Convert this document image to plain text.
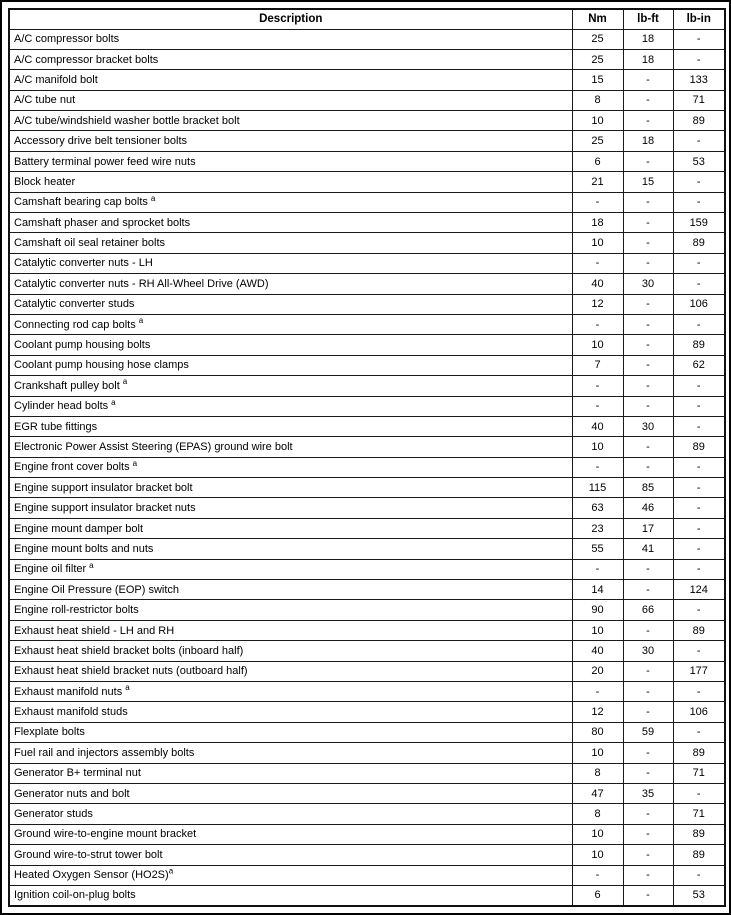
Description	Nm	lb-ft	lb-in
A/C compressor bolts	25	18	-
A/C compressor bracket bolts	25	18	-
A/C manifold bolt	15	-	133
A/C tube nut	8	-	71
A/C tube/windshield washer bottle bracket bolt	10	-	89
Accessory drive belt tensioner bolts	25	18	-
Battery terminal power feed wire nuts	6	-	53
Block heater	21	15	-
Camshaft bearing cap bolts $^a$	-	-	-
Camshaft phaser and sprocket bolts	18	-	159
Camshaft oil seal retainer bolts	10	-	89
Catalytic converter nuts - LH	-	-	-
Catalytic converter nuts - RH All-Wheel Drive (AWD)	40	30	-
Catalytic converter studs	12	-	106
Connecting rod cap bolts $^a$	-	-	-
Coolant pump housing bolts	10	-	89
Coolant pump housing hose clamps	7	-	62
Crankshaft pulley bolt $^a$	-	-	-
Cylinder head bolts $^a$	-	-	-
EGR tube fittings	40	30	-
Electronic Power Assist Steering (EPAS) ground wire bolt	10	-	89
Engine front cover bolts $^a$	-	-	-
Engine support insulator bracket bolt	115	85	-
Engine support insulator bracket nuts	63	46	-
Engine mount damper bolt	23	17	-
Engine mount bolts and nuts	55	41	-
Engine oil filter $^a$	-	-	-
Engine Oil Pressure (EOP) switch	14	-	124
Engine roll-restrictor bolts	90	66	-
Exhaust heat shield - LH and RH	10	-	89
Exhaust heat shield bracket bolts (inboard half)	40	30	-
Exhaust heat shield bracket nuts (outboard half)	20	-	177
Exhaust manifold nuts $^a$	-	-	-
Exhaust manifold studs	12	-	106
Flexplate bolts	80	59	-
Fuel rail and injectors assembly bolts	10	-	89
Generator B+ terminal nut	8	-	71
Generator nuts and bolt	47	35	-
Generator studs	8	-	71
Ground wire-to-engine mount bracket	10	-	89
Ground wire-to-strut tower bolt	10	-	89
Heated Oxygen Sensor (HO2S)$^a$	-	-	-
Ignition coil-on-plug bolts	6	-	53
